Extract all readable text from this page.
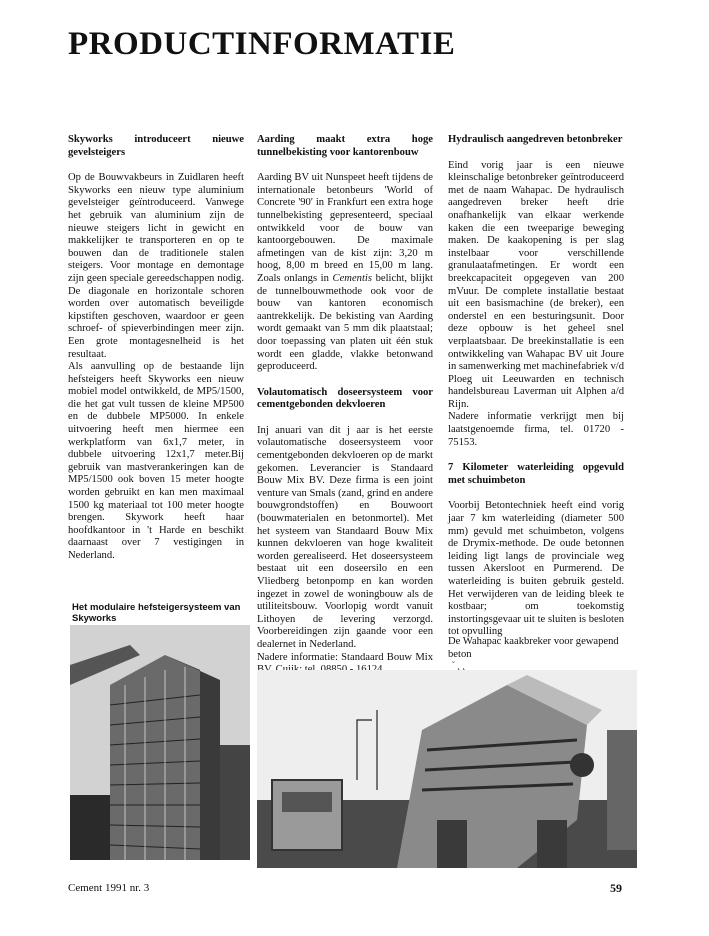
PRODUCTINFORMATIE
Skyworks introduceert nieuwe gevelsteigers

Op de Bouwvakbeurs in Zuidlaren heeft Skyworks een nieuw type aluminium gevelsteiger geïntroduceerd. Vanwege het gebruik van aluminium zijn de nieuwe steigers licht in gewicht en makkelijker te transporteren en op te bouwen dan de traditionele stalen steigers. Voor montage en demontage zijn geen speciale gereedschappen nodig. De diagonale en horizontale schoren worden over automatisch beveiligde kipstiften geschoven, waardoor er geen schroef- of spieverbindingen meer zijn. Een grote montagesnelheid is het resultaat.

Als aanvulling op de bestaande lijn hefsteigers heeft Skyworks een nieuw mobiel model ontwikkeld, de MP5/1500, die het gat vult tussen de kleine MP500 en de dubbele MP5000. In enkele uitvoering heeft men hiermee een werkplatform van 6x1,7 meter, in dubbele uitvoering 12x1,7 meter.Bij gebruik van mastverankeringen kan de MP5/1500 ook boven 15 meter hoogte worden gebruikt en kan men maximaal 1500 kg materiaal tot 100 meter hoogte brengen. Skywork heeft haar hoofdkantoor in 't Harde en beschikt daarnaast over 7 vestigingen in Nederland.

Aarding maakt extra hoge tunnelbekisting voor kantorenbouw

Aarding BV uit Nunspeet heeft tijdens de internationale betonbeurs 'World of Concrete '90' in Frankfurt een extra hoge tunnelbekisting gepresenteerd, speciaal ontwikkeld voor de bouw van kantoorgebouwen. De maximale afmetingen van de kist zijn: 3,20 m hoog, 8,00 m breed en 15,00 m lang. Zoals onlangs in Cementis belicht, blijkt de tunnelbouwmethode ook voor de bouw van kantoren economisch aantrekkelijk. De bekisting van Aarding wordt gemaakt van 5 mm dik plaatstaal; door toepassing van platen uit één stuk wordt een gladde, vlakke betonwand geproduceerd.

Volautomatisch doseersysteem voor cementgebonden dekvloeren

Inj anuari van dit j aar is het eerste volautomatische doseersysteem voor cementgebonden dekvloeren op de markt gekomen. Leverancier is Standaard Bouw Mix BV. Deze firma is een joint venture van Smals (zand, grind en andere bouwgrondstoffen) en Bouwoort (bouwmaterialen en betonmortel). Met het systeem van Standaard Bouw Mix kunnen dekvloeren van hoge kwaliteit worden gerealiseerd. Het doseersysteem bestaat uit een doseersilo en een Vliedberg betonpomp en kan worden ingezet in zowel de woningbouw als de utiliteitsbouw. Voorlopig wordt vanuit Lithoyen de levering verzorgd. Voorbereidingen zijn gaande voor een dealernet in Nederland.

Nadere informatie: Standaard Bouw Mix

Hydraulisch aangedreven betonbreker

Eind vorig jaar is een nieuwe kleinschalige betonbreker geïntroduceerd met de naam Wahapac. De hydraulisch aangedreven breker heeft drie onafhankelijk van elkaar werkende kaken die een tweeparige beweging maken. De kaakopening is per slag instelbaar voor verschillende granulaatafmetingen. Er wordt een breekcapaciteit opgegeven van 200 mVuur. De complete installatie bestaat uit een basismachine (de breker), een onderstel en een besturingsunit. Door deze opbouw is het geheel snel verplaatsbaar. De breekinstallatie is een ontwikkeling van Wahapac BV uit Joure in samenwerking met machinefabriek v/d Ploeg uit Leeuwarden en technisch handelsbureau Laverman uit Alphen a/d Rijn.

Nadere informatie verkrijgt men bij laatstgenoemde firma, tel. 01720 - 75153.

7 Kilometer waterleiding opgevuld met schuimbeton

Voorbij Betontechniek heeft eind vorig jaar 7 km waterleiding (diameter 500 mm) gevuld met schuimbeton, volgens de Drymix-methode. De oude betonnen leiding ligt langs de provinciale weg tussen Akersloot en Purmerend. De waterleiding is buiten gebruik gesteld. Het verwijderen van de leiding bleek te kostbaar; om toekomstig instortingsgevaar uit te sluiten is besloten tot opvulling

Het modulaire hefsteigersysteem van Skyworks
De Wahapac kaakbreker voor gewapend beton
˘ ˛ ˛
Cement 1991 nr. 3	59
